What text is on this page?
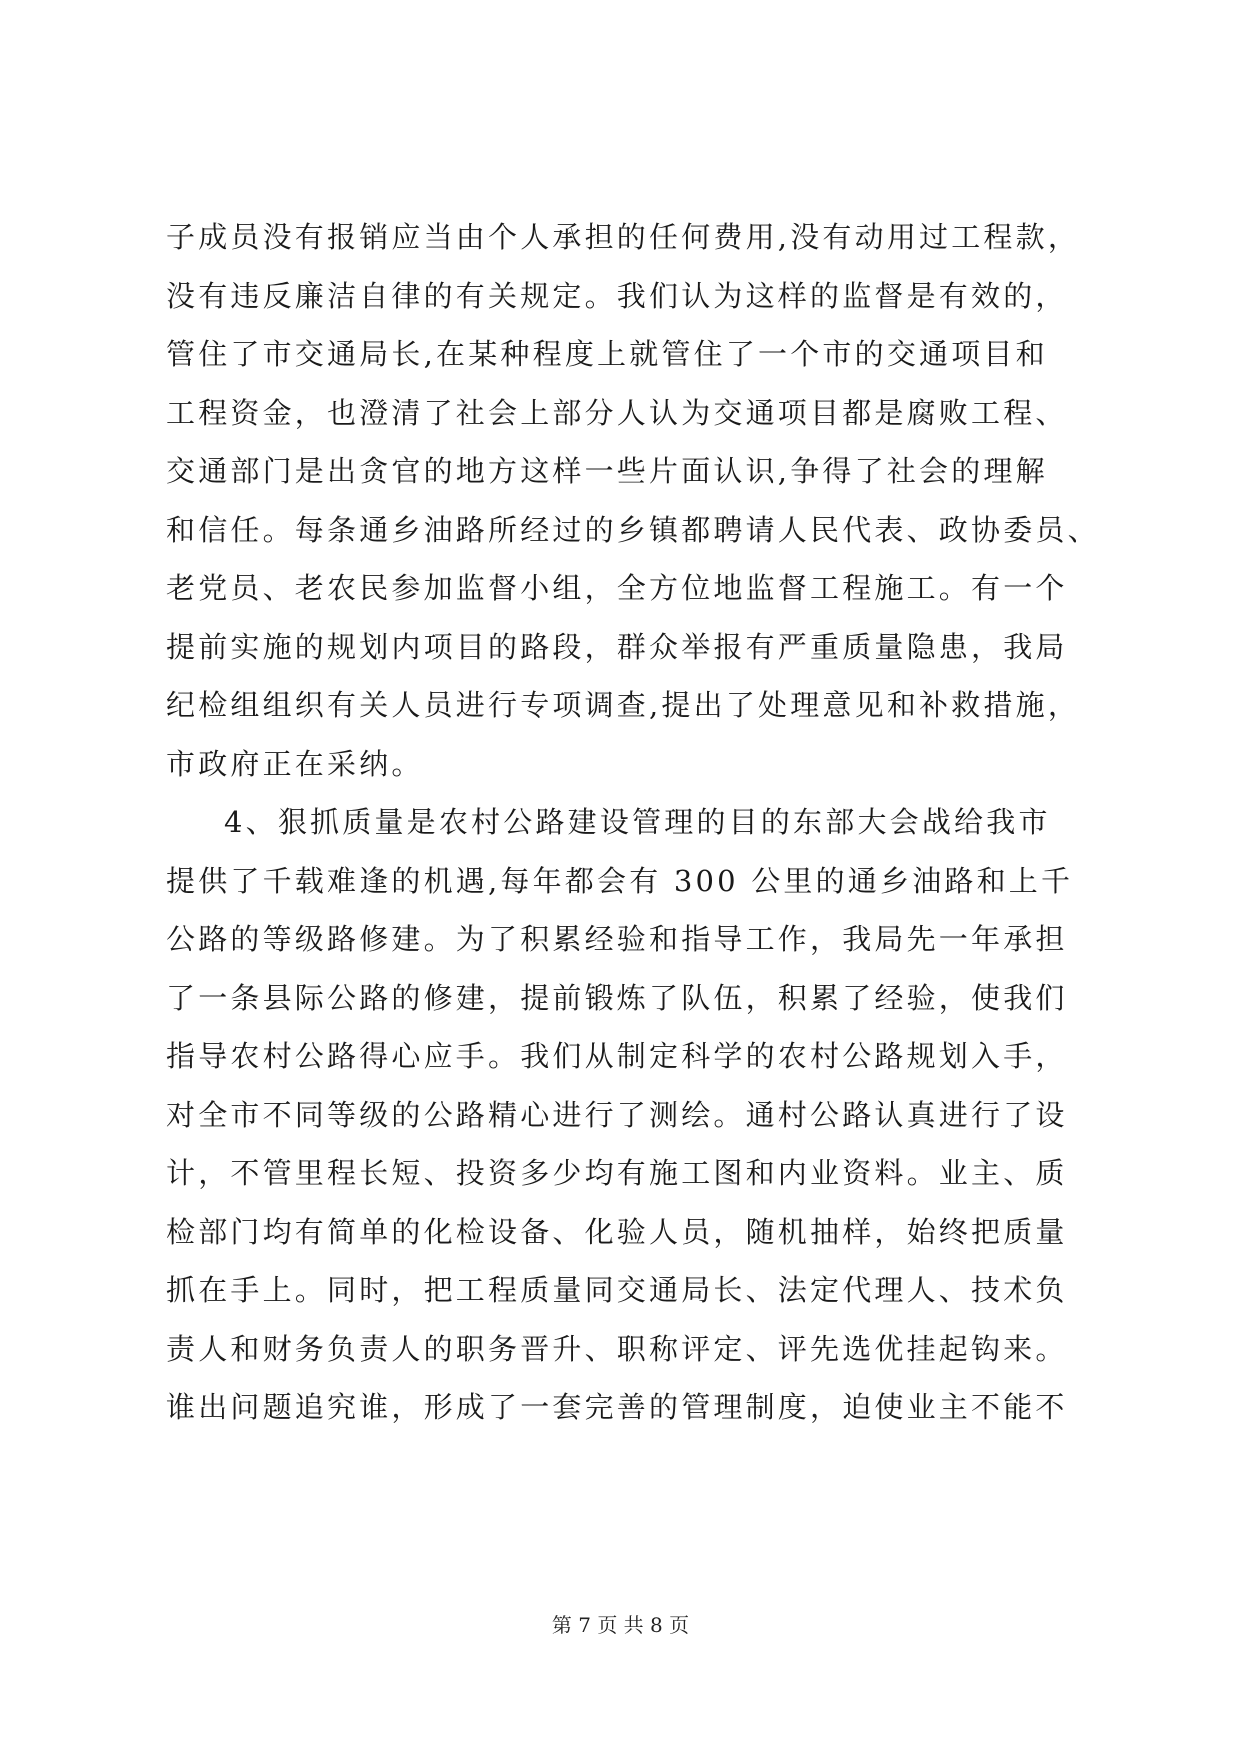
子成员没有报销应当由个人承担的任何费用,没有动用过工程款，
没有违反廉洁自律的有关规定。我们认为这样的监督是有效的，
管住了市交通局长,在某种程度上就管住了一个市的交通项目和
工程资金，也澄清了社会上部分人认为交通项目都是腐败工程、
交通部门是出贪官的地方这样一些片面认识,争得了社会的理解
和信任。每条通乡油路所经过的乡镇都聘请人民代表、政协委员、
老党员、老农民参加监督小组，全方位地监督工程施工。有一个
提前实施的规划内项目的路段，群众举报有严重质量隐患，我局
纪检组组织有关人员进行专项调查,提出了处理意见和补救措施，
市政府正在采纳。
4、狠抓质量是农村公路建设管理的目的东部大会战给我市
提供了千载难逢的机遇,每年都会有 300 公里的通乡油路和上千
公路的等级路修建。为了积累经验和指导工作，我局先一年承担
了一条县际公路的修建，提前锻炼了队伍，积累了经验，使我们
指导农村公路得心应手。我们从制定科学的农村公路规划入手，
对全市不同等级的公路精心进行了测绘。通村公路认真进行了设
计，不管里程长短、投资多少均有施工图和内业资料。业主、质
检部门均有简单的化检设备、化验人员，随机抽样，始终把质量
抓在手上。同时，把工程质量同交通局长、法定代理人、技术负
责人和财务负责人的职务晋升、职称评定、评先选优挂起钩来。
谁出问题追究谁，形成了一套完善的管理制度，迫使业主不能不
第 7 页 共 8 页
